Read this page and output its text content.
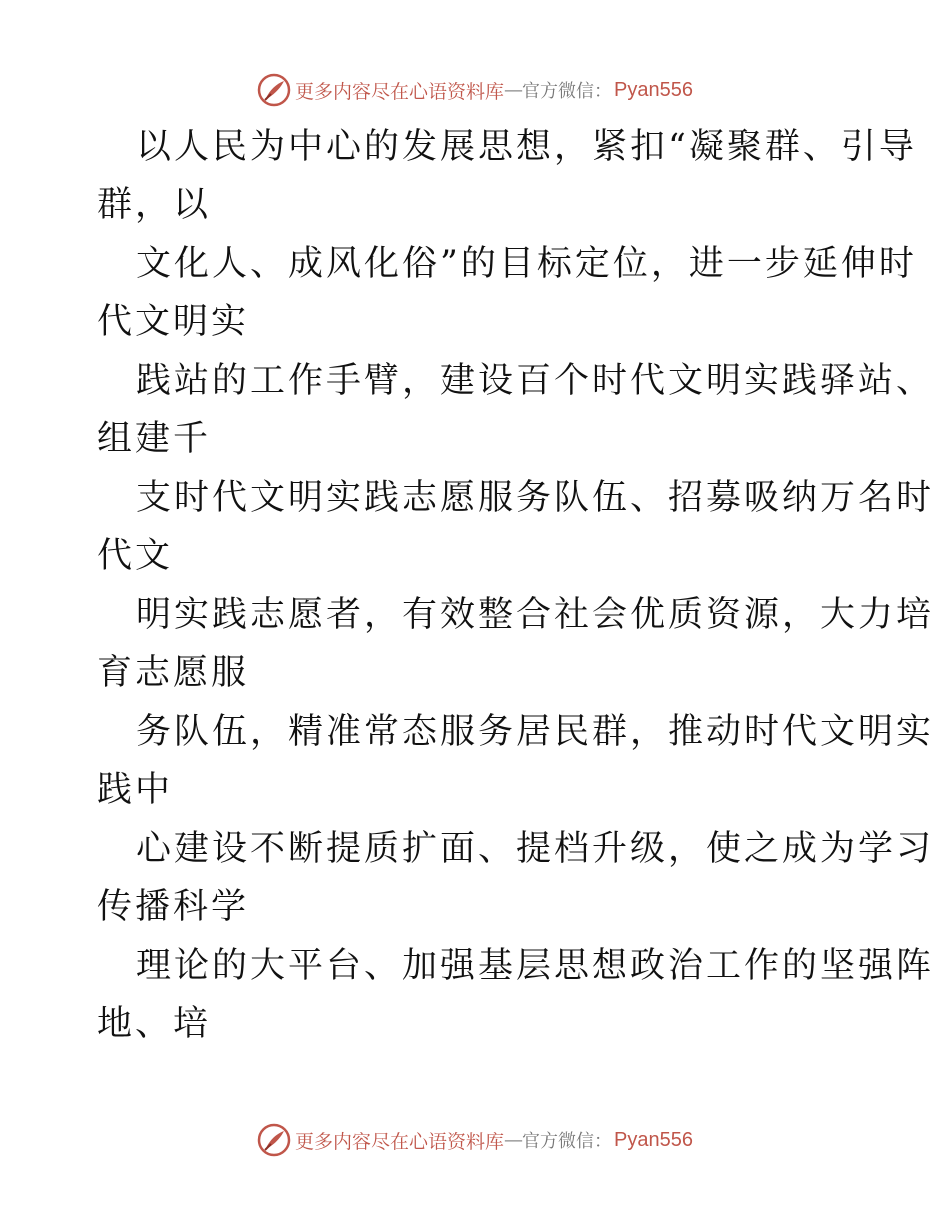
更多内容尽在心语资料库 — 官方微信： Pyan556
以人民为中心的发展思想，紧扣“凝聚群、引导
群，以
文化人、成风化俗”的目标定位，进一步延伸时
代文明实
践站的工作手臂，建设百个时代文明实践驿站、
组建千
支时代文明实践志愿服务队伍、招募吸纳万名时
代文
明实践志愿者，有效整合社会优质资源，大力培
育志愿服
务队伍，精准常态服务居民群，推动时代文明实
践中
心建设不断提质扩面、提档升级，使之成为学习
传播科学
理论的大平台、加强基层思想政治工作的坚强阵
地、培
更多内容尽在心语资料库 — 官方微信： Pyan556
